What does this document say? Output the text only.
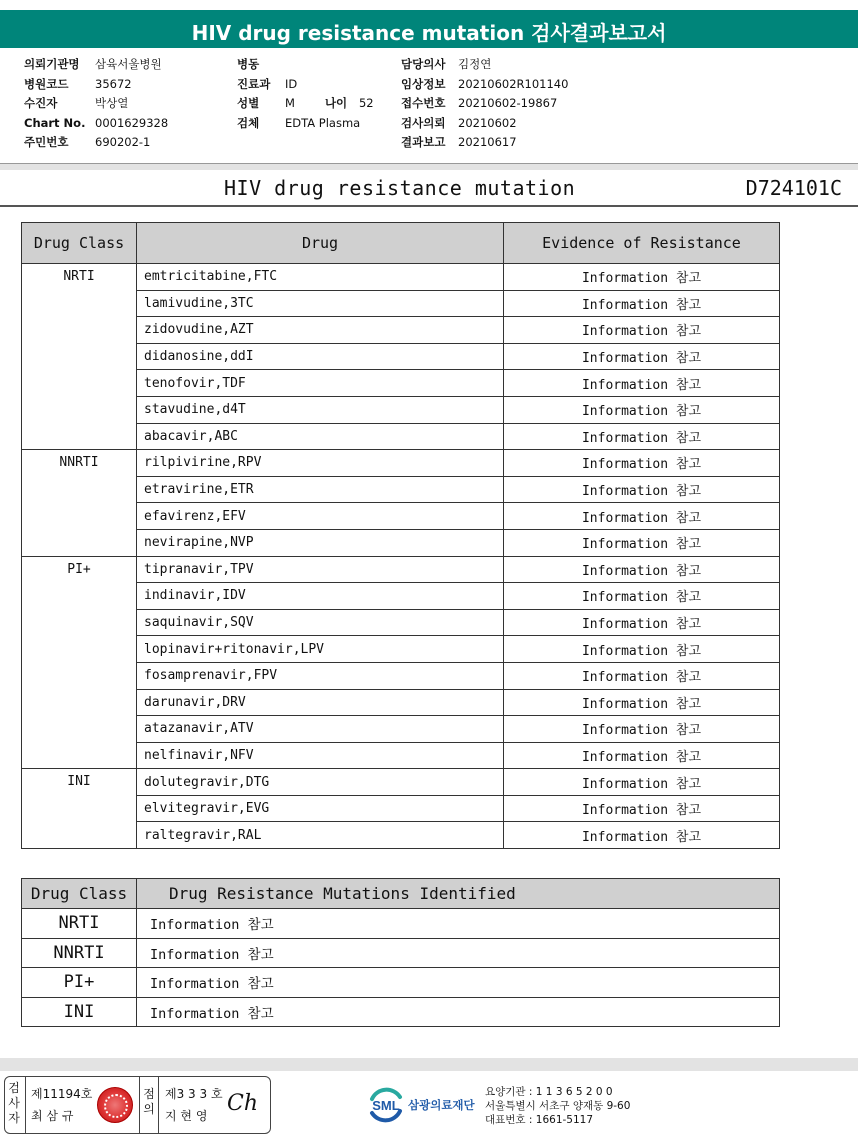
HIV drug resistance mutation 검사결과보고서
의뢰기관명 삼육서울병원
병원코드 35672
수진자	박상열
Chart No. 0001629328
주민번호 690202-1
병동
진료과 ID
성별 M	나이 52
검체 EDTA Plasma
담당의사 김정연
임상정보 20210602R101140
접수번호 20210602-19867
검사의뢰 20210602
결과보고 20210617
HIV drug resistance mutation	D724101C
Drug Class	Drug	Evidence of Resistance
NRTI	emtricitabine,FTC	Information 참고
	lamivudine,3TC	Information 참고
	zidovudine,AZT	Information 참고
	didanosine,ddI	Information 참고
	tenofovir,TDF	Information 참고
	stavudine,d4T	Information 참고
	abacavir,ABC	Information 참고
NNRTI	rilpivirine,RPV	Information 참고
	etravirine,ETR	Information 참고
	efavirenz,EFV	Information 참고
	nevirapine,NVP	Information 참고
PI+	tipranavir,TPV	Information 참고
	indinavir,IDV	Information 참고
	saquinavir,SQV	Information 참고
	lopinavir+ritonavir,LPV	Information 참고
	fosamprenavir,FPV	Information 참고
	darunavir,DRV	Information 참고
	atazanavir,ATV	Information 참고
	nelfinavir,NFV	Information 참고
INI	dolutegravir,DTG	Information 참고
	elvitegravir,EVG	Information 참고
	raltegravir,RAL	Information 참고
Drug Class	Drug Resistance Mutations Identified
NRTI	Information 참고
NNRTI	Information 참고
PI+	Information 참고
INI	Information 참고
검
사
자
제11194호
최 삼 규
점
의
제3 3 3 호
지 현 영 Ch	SML 삼광의료재단
요양기관 : 1 1 3 6 5 2 0 0
서울특별시 서초구 양재동 9-60
대표번호 : 1661-5117
